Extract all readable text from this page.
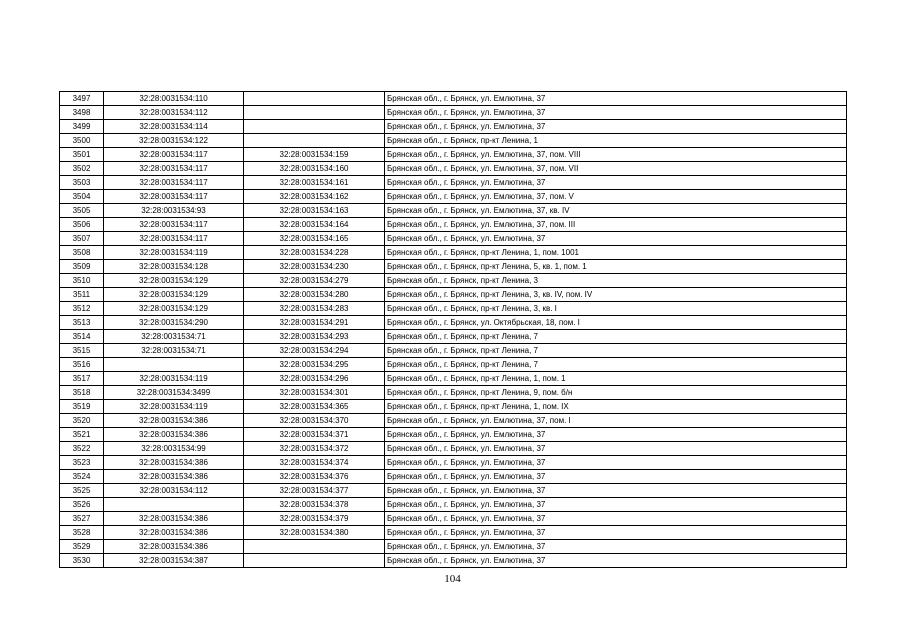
3497	32:28:0031534:110		Брянская обл., г. Брянск, ул. Емлютина, 37
3498	32:28:0031534:112		Брянская обл., г. Брянск, ул. Емлютина, 37
3499	32:28:0031534:114		Брянская обл., г. Брянск, ул. Емлютина, 37
3500	32:28:0031534:122		Брянская обл., г. Брянск, пр-кт Ленина, 1
3501	32:28:0031534:117	32:28:0031534:159	Брянская обл., г. Брянск, ул. Емлютина, 37, пом. VIII
3502	32:28:0031534:117	32:28:0031534:160	Брянская обл., г. Брянск, ул. Емлютина, 37, пом. VII
3503	32:28:0031534:117	32:28:0031534:161	Брянская обл., г. Брянск, ул. Емлютина, 37
3504	32:28:0031534:117	32:28:0031534:162	Брянская обл., г. Брянск, ул. Емлютина, 37, пом. V
3505	32:28:0031534:93	32:28:0031534:163	Брянская обл., г. Брянск, ул. Емлютина, 37, кв. IV
3506	32:28:0031534:117	32:28:0031534:164	Брянская обл., г. Брянск, ул. Емлютина, 37, пом. III
3507	32:28:0031534:117	32:28:0031534:165	Брянская обл., г. Брянск, ул. Емлютина, 37
3508	32:28:0031534:119	32:28:0031534:228	Брянская обл., г. Брянск, пр-кт Ленина, 1, пом. 1001
3509	32:28:0031534:128	32:28:0031534:230	Брянская обл., г. Брянск, пр-кт Ленина, 5, кв. 1, пом. 1
3510	32:28:0031534:129	32:28:0031534:279	Брянская обл., г. Брянск, пр-кт Ленина, 3
3511	32:28:0031534:129	32:28:0031534:280	Брянская обл., г. Брянск, пр-кт Ленина, 3, кв. IV, пом. IV
3512	32:28:0031534:129	32:28:0031534:283	Брянская обл., г. Брянск, пр-кт Ленина, 3, кв. I
3513	32:28:0031534:290	32:28:0031534:291	Брянская обл., г. Брянск, ул. Октябрьская, 18, пом. I
3514	32:28:0031534:71	32:28:0031534:293	Брянская обл., г. Брянск, пр-кт Ленина, 7
3515	32:28:0031534:71	32:28:0031534:294	Брянская обл., г. Брянск, пр-кт Ленина, 7
3516		32:28:0031534:295	Брянская обл., г. Брянск, пр-кт Ленина, 7
3517	32:28:0031534:119	32:28:0031534:296	Брянская обл., г. Брянск, пр-кт Ленина, 1, пом. 1
3518	32:28:0031534:3499	32:28:0031534:301	Брянская обл., г. Брянск, пр-кт Ленина, 9, пом. б/н
3519	32:28:0031534:119	32:28:0031534:365	Брянская обл., г. Брянск, пр-кт Ленина, 1, пом. IX
3520	32:28:0031534:386	32:28:0031534:370	Брянская обл., г. Брянск, ул. Емлютина, 37, пом. I
3521	32:28:0031534:386	32:28:0031534:371	Брянская обл., г. Брянск, ул. Емлютина, 37
3522	32:28:0031534:99	32:28:0031534:372	Брянская обл., г. Брянск, ул. Емлютина, 37
3523	32:28:0031534:386	32:28:0031534:374	Брянская обл., г. Брянск, ул. Емлютина, 37
3524	32:28:0031534:386	32:28:0031534:376	Брянская обл., г. Брянск, ул. Емлютина, 37
3525	32:28:0031534:112	32:28:0031534:377	Брянская обл., г. Брянск, ул. Емлютина, 37
3526		32:28:0031534:378	Брянская обл., г. Брянск, ул. Емлютина, 37
3527	32:28:0031534:386	32:28:0031534:379	Брянская обл., г. Брянск, ул. Емлютина, 37
3528	32:28:0031534:386	32:28:0031534:380	Брянская обл., г. Брянск, ул. Емлютина, 37
3529	32:28:0031534:386		Брянская обл., г. Брянск, ул. Емлютина, 37
3530	32:28:0031534:387		Брянская обл., г. Брянск, ул. Емлютина, 37
104
